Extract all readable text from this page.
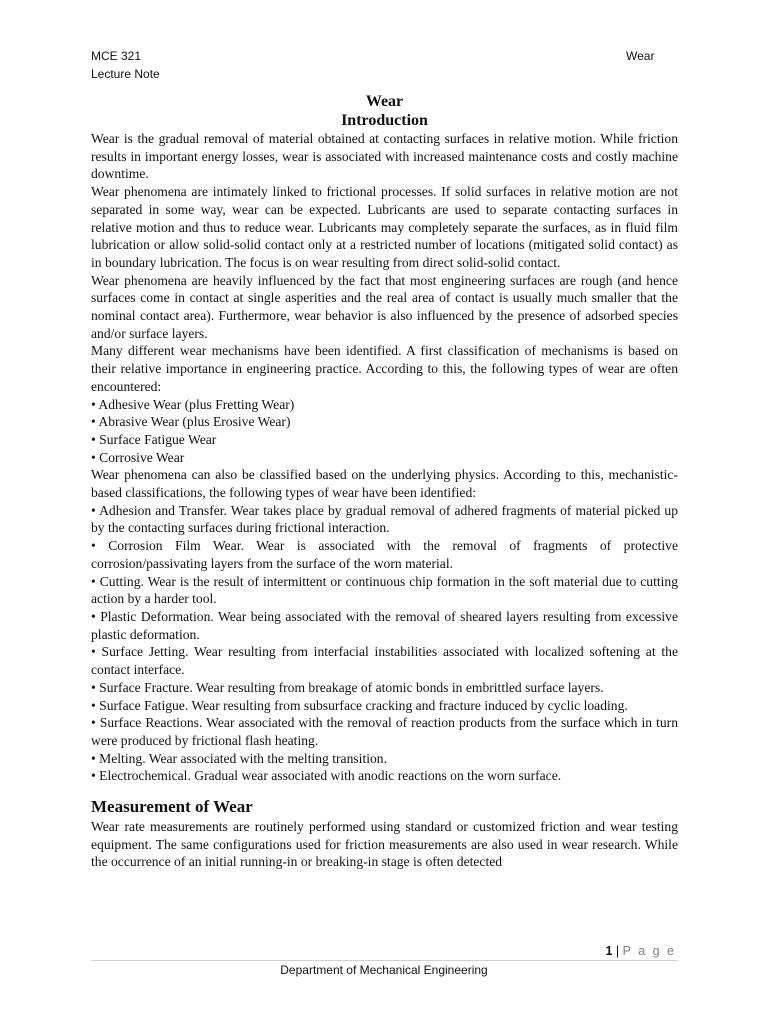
MCE 321
Lecture Note
Wear
Wear
Introduction

Wear is the gradual removal of material obtained at contacting surfaces in relative motion. While friction results in important energy losses, wear is associated with increased maintenance costs and costly machine downtime.

Wear phenomena are intimately linked to frictional processes. If solid surfaces in relative motion are not separated in some way, wear can be expected. Lubricants are used to separate contacting surfaces in relative motion and thus to reduce wear. Lubricants may completely separate the surfaces, as in fluid film lubrication or allow solid-solid contact only at a restricted number of locations (mitigated solid contact) as in boundary lubrication. The focus is on wear resulting from direct solid-solid contact.

Wear phenomena are heavily influenced by the fact that most engineering surfaces are rough (and hence surfaces come in contact at single asperities and the real area of contact is usually much smaller that the nominal contact area). Furthermore, wear behavior is also influenced by the presence of adsorbed species and/or surface layers.

Many different wear mechanisms have been identified. A first classification of mechanisms is based on their relative importance in engineering practice. According to this, the following types of wear are often encountered:

• Adhesive Wear (plus Fretting Wear)

• Abrasive Wear (plus Erosive Wear)

• Surface Fatigue Wear

• Corrosive Wear

Wear phenomena can also be classified based on the underlying physics. According to this, mechanistic-based classifications, the following types of wear have been identified:

• Adhesion and Transfer. Wear takes place by gradual removal of adhered fragments of material picked up by the contacting surfaces during frictional interaction.

• Corrosion Film Wear. Wear is associated with the removal of fragments of protective corrosion/passivating layers from the surface of the worn material.

• Cutting. Wear is the result of intermittent or continuous chip formation in the soft material due to cutting action by a harder tool.

• Plastic Deformation. Wear being associated with the removal of sheared layers resulting from excessive plastic deformation.

• Surface Jetting. Wear resulting from interfacial instabilities associated with localized softening at the contact interface.

• Surface Fracture. Wear resulting from breakage of atomic bonds in embrittled surface layers.

• Surface Fatigue. Wear resulting from subsurface cracking and fracture induced by cyclic loading.

• Surface Reactions. Wear associated with the removal of reaction products from the surface which in turn were produced by frictional flash heating.

• Melting. Wear associated with the melting transition.

• Electrochemical. Gradual wear associated with anodic reactions on the worn surface.

Measurement of Wear

Wear rate measurements are routinely performed using standard or customized friction and wear testing equipment. The same configurations used for friction measurements are also used in wear research. While the occurrence of an initial running-in or breaking-in stage is often detected

1 | P a g e
Department of Mechanical Engineering
